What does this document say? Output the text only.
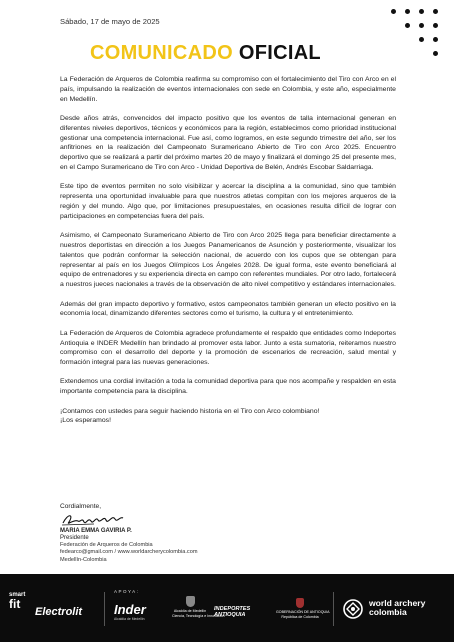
Sábado, 17 de mayo de 2025
COMUNICADO OFICIAL

La Federación de Arqueros de Colombia reafirma su compromiso con el fortalecimiento del Tiro con Arco en el país, impulsando la realización de eventos internacionales con sede en Colombia, y este año, especialmente en Medellín.

Desde años atrás, convencidos del impacto positivo que los eventos de talla internacional generan en diferentes niveles deportivos, técnicos y económicos para la región, establecimos como prioridad institucional gestionar una competencia internacional. Fue así, como logramos, en este segundo trimestre del año, ser los anfitriones en la realización del Campeonato Suramericano Abierto de Tiro con Arco 2025. Encuentro deportivo que se realizará a partir del próximo martes 20 de mayo y finalizará el domingo 25 del presente mes, en el Campo Suramericano de Tiro con Arco - Unidad Deportiva de Belén, Andrés Escobar Saldarriaga.

Este tipo de eventos permiten no solo visibilizar y acercar la disciplina a la comunidad, sino que también representa una oportunidad invaluable para que nuestros atletas compitan con los mejores arqueros de la región y del mundo. Algo que, por limitaciones presupuestales, en ocasiones resulta difícil de lograr con participaciones en competencias fuera del país.

Asimismo, el Campeonato Suramericano Abierto de Tiro con Arco 2025 llega para beneficiar directamente a nuestros deportistas en dirección a los Juegos Panamericanos de Asunción y posteriormente, visualizar los talentos que podrán conformar la selección nacional, de acuerdo con los cupos que se obtengan para representar al país en los Juegos Olímpicos Los Ángeles 2028. De igual forma, este evento beneficiará al equipo de entrenadores y su experiencia directa en campo con referentes mundiales. Por otro lado, fortalecerá a nuestros jueces nacionales a través de la observación de alto nivel competitivo y estándares internacionales.

Además del gran impacto deportivo y formativo, estos campeonatos también generan un efecto positivo en la economía local, dinamizando diferentes sectores como el turismo, la cultura y el entretenimiento.

La Federación de Arqueros de Colombia agradece profundamente el respaldo que entidades como Indeportes Antioquia e INDER Medellín han brindado al promover esta labor. Junto a esta sumatoria, reiteramos nuestro compromiso con el desarrollo del deporte y la promoción de escenarios de recreación, salud mental y formación integral para las nuevas generaciones.

Extendemos una cordial invitación a toda la comunidad deportiva para que nos acompañe y respalden en esta importante competencia para la disciplina.

¡Contamos con ustedes para seguir haciendo historia en el Tiro con Arco colombiano!
¡Los esperamos!

Cordialmente,
MARIA EMMA GAVIRIA P.
Presidente
Federación de Arqueros de Colombia
fedearco@gmail.com / www.worldarcherycolombia.com
Medellín-Colombia
smart
fit
Electrolit
APOYA:
Inder
Alcaldía de Medellín
Alcaldía de Medellín
Ciencia, Tecnología e Innovación
INDEPORTES
ANTIOQUIA	GOBERNACIÓN DE ANTIOQUIA
República de Colombia
world archery
colombia
